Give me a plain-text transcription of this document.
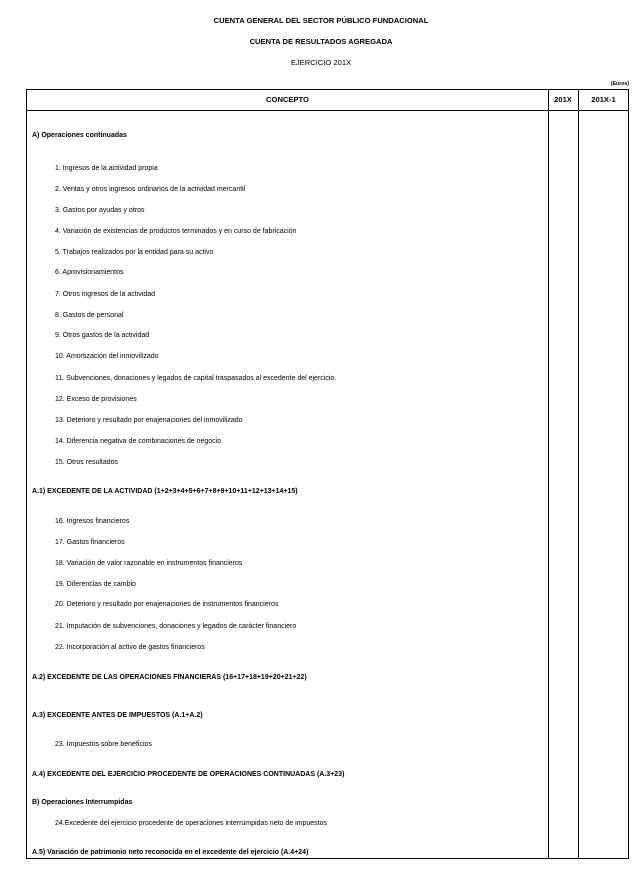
CUENTA GENERAL DEL SECTOR PÚBLICO FUNDACIONAL
CUENTA DE RESULTADOS AGREGADA
EJERCICIO 201X
(Euros)
CONCEPTO	201X	201X-1
A) Operaciones continuadas
1. Ingresos de la actividad propia
2. Ventas y otros ingresos ordinarios de la actividad mercantil
3. Gastos por ayudas y otros
4. Variación de existencias de productos terminados y en curso de fabricación
5. Trabajos realizados por la entidad para su activo
6. Aprovisionamientos
7. Otros ingresos de la actividad
8. Gastos de personal
9. Otros gastos de la actividad
10. Amortización del inmovilizado
11. Subvenciones, donaciones y legados de capital traspasados al excedente del ejercicio.
12. Exceso de provisiones
13. Deterioro y resultado por enajenaciones del inmovilizado
14. Diferencia negativa de combinaciones de negocio
15. Otros resultados
A.1) EXCEDENTE DE LA ACTIVIDAD (1+2+3+4+5+6+7+8+9+10+11+12+13+14+15)
16. Ingresos financieros
17. Gastos financieros
18. Variación de valor razonable en instrumentos financieros
19. Diferencias de cambio
20. Deterioro y resultado por enajenaciones de instrumentos financieros
21. Imputación de subvenciones, donaciones y legados de carácter financiero
22. Incorporación al activo de gastos financieros
A.2) EXCEDENTE DE LAS OPERACIONES FINANCIERAS (16+17+18+19+20+21+22)
A.3) EXCEDENTE ANTES DE IMPUESTOS (A.1+A.2)
23. Impuestos sobre beneficios
A.4) EXCEDENTE DEL EJERCICIO PROCEDENTE DE OPERACIONES CONTINUADAS (A.3+23)
B) Operaciones Interrumpidas
24.Excedente del ejercicio procedente de operaciones interrumpidas neto de impuestos
A.5) Variación de patrimonio neto reconocida en el excedente del ejercicio (A.4+24)
